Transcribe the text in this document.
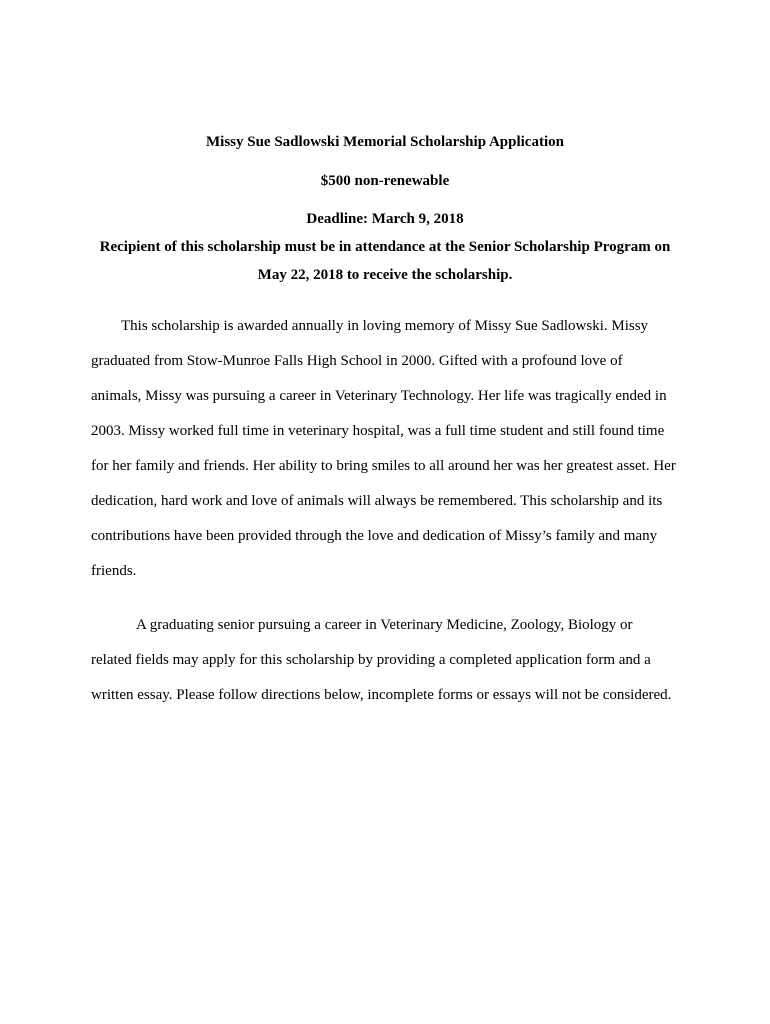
Missy Sue Sadlowski Memorial Scholarship Application
$500 non-renewable
Deadline: March 9, 2018
Recipient of this scholarship must be in attendance at the Senior Scholarship Program on
May 22, 2018 to receive the scholarship.
This scholarship is awarded annually in loving memory of Missy Sue Sadlowski. Missy
graduated from Stow-Munroe Falls High School in 2000. Gifted with a profound love of
animals, Missy was pursuing a career in Veterinary Technology. Her life was tragically ended in
2003. Missy worked full time in veterinary hospital, was a full time student and still found time
for her family and friends. Her ability to bring smiles to all around her was her greatest asset. Her
dedication, hard work and love of animals will always be remembered. This scholarship and its
contributions have been provided through the love and dedication of Missy’s family and many
friends.
A graduating senior pursuing a career in Veterinary Medicine, Zoology, Biology or
related fields may apply for this scholarship by providing a completed application form and a
written essay. Please follow directions below, incomplete forms or essays will not be considered.
